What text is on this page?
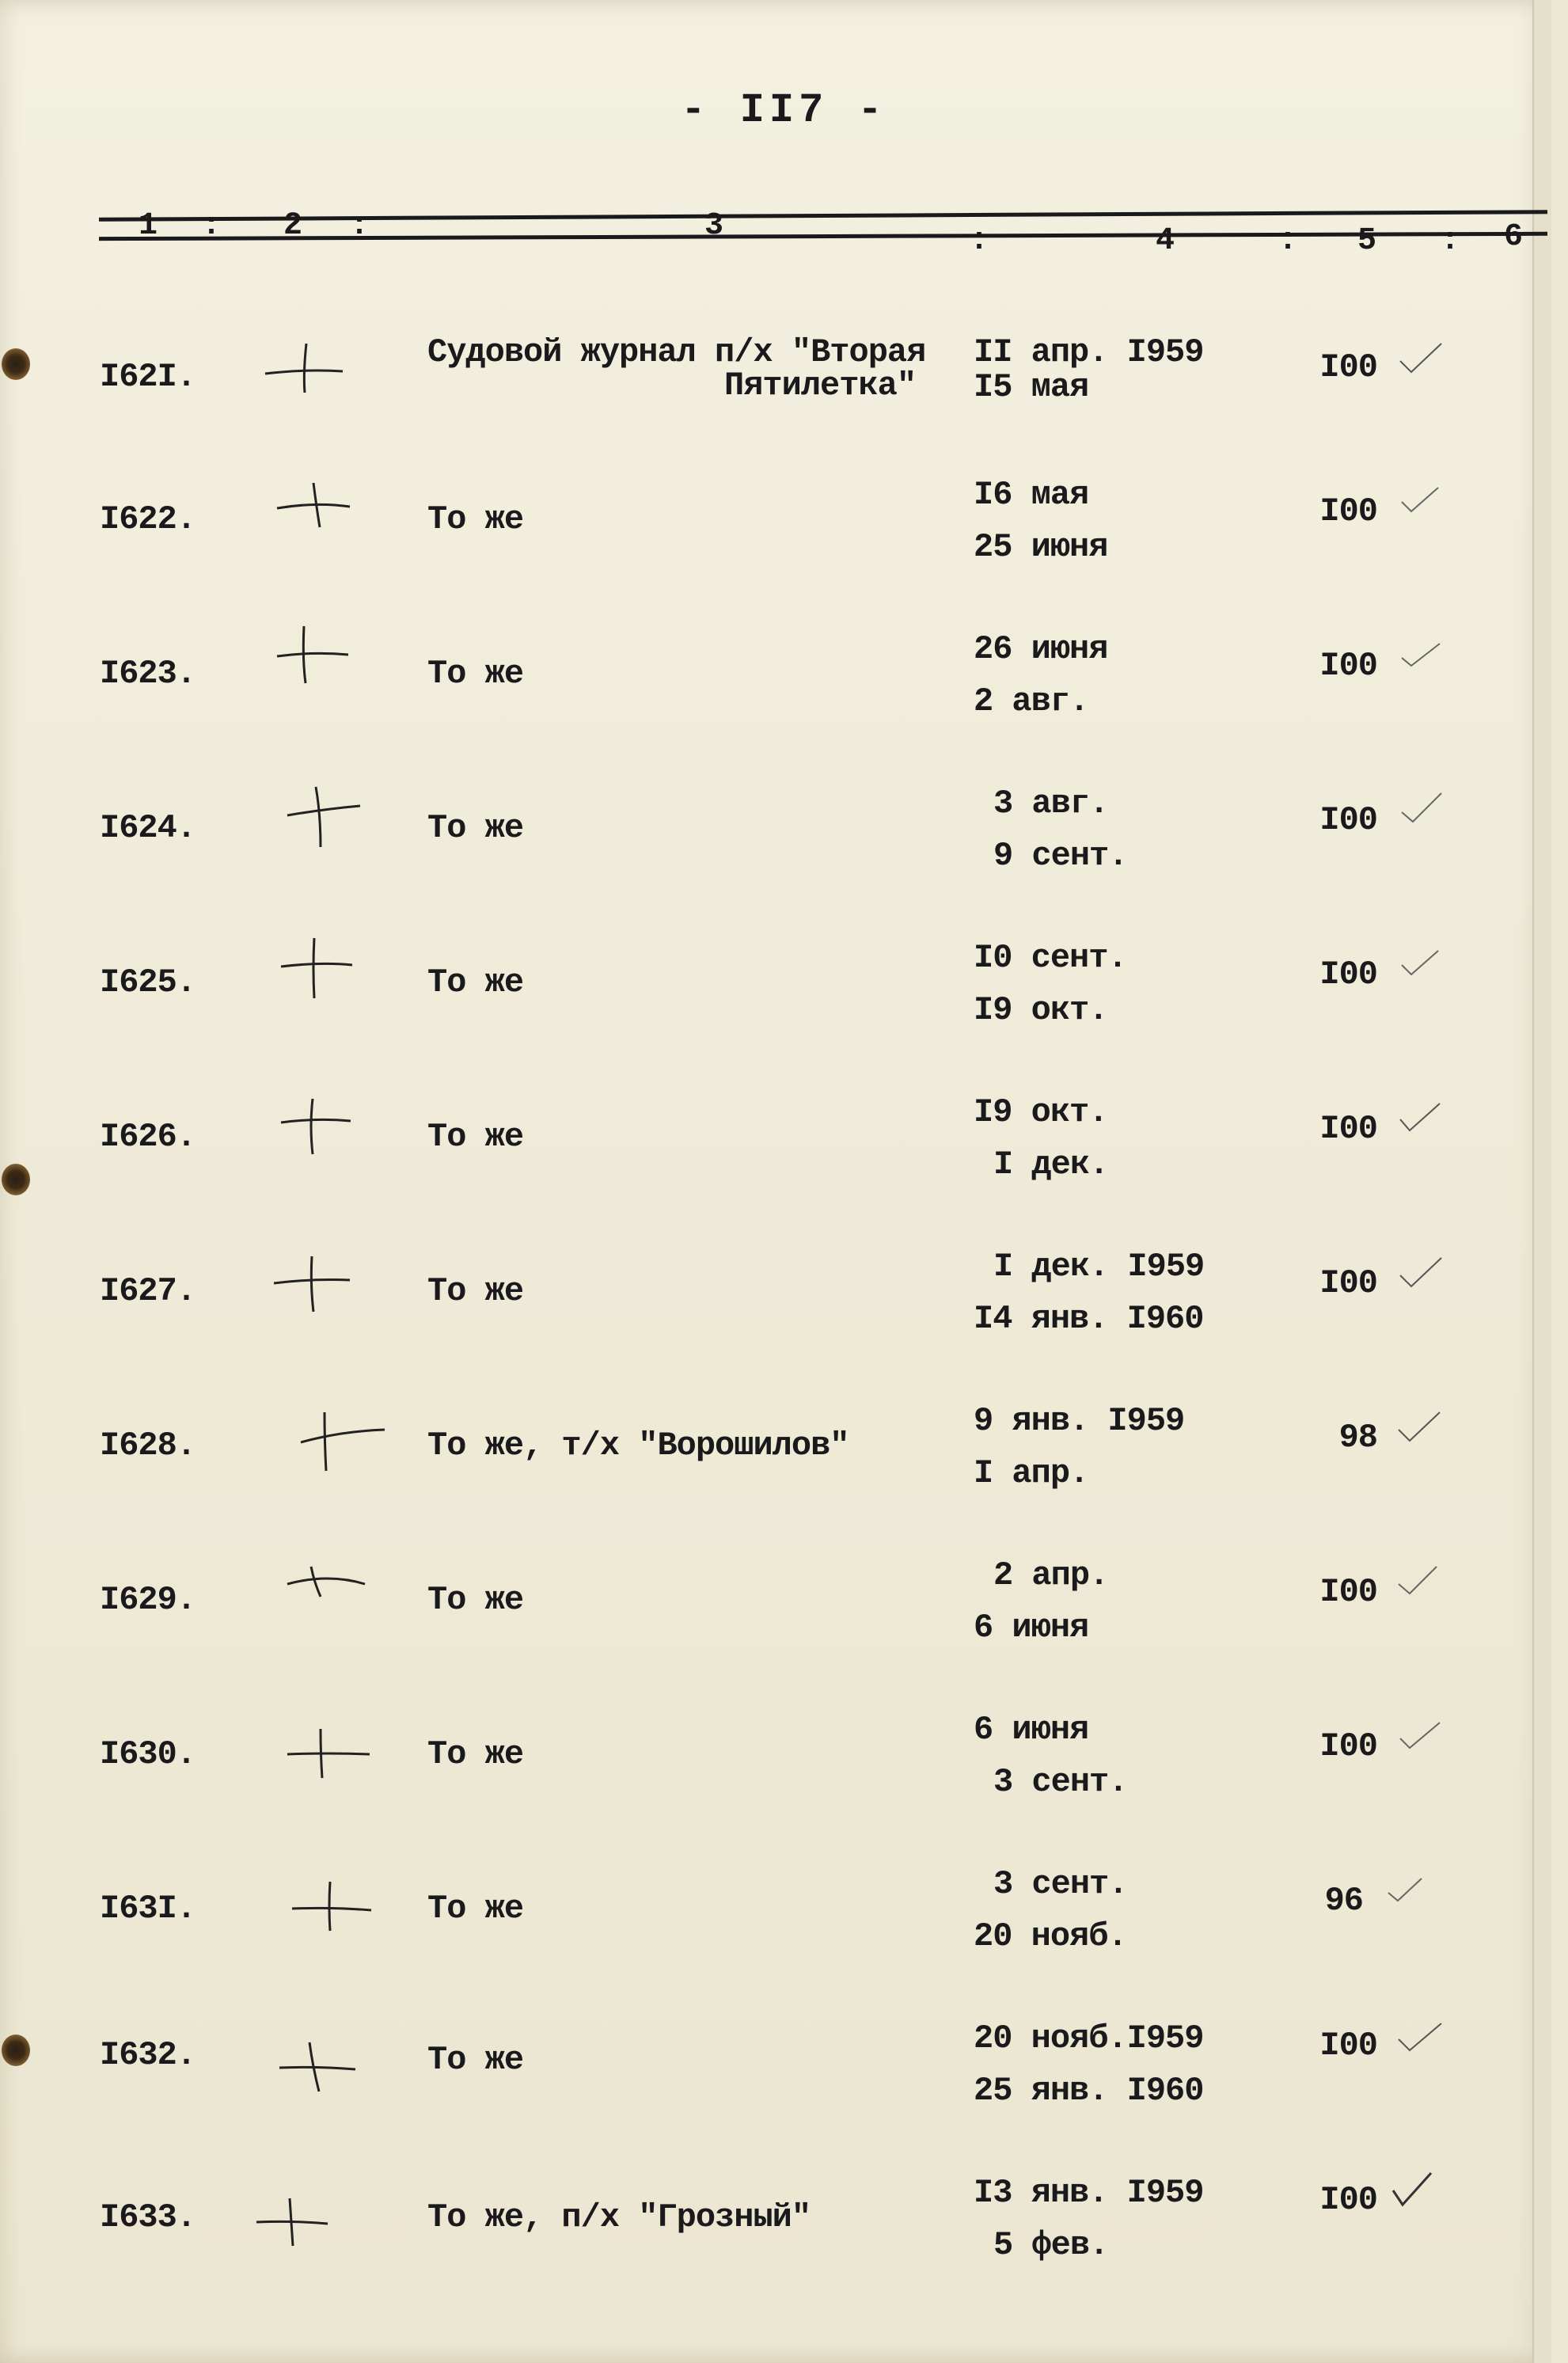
- II7 -
1 : 2 :	3	:	4	: 5 : 6
I62I.
Судовой журнал п/х "Вторая
Пятилетка"
II апр. I959
I5 мая
I00
I622.	То же
I6 мая
25 июня
I00
I623.	То же
26 июня
2 авг.
I00
I624.	То же
3 авг.
9 сент.
I00
I625.	То же
I0 сент.
I9 окт.
I00
I626.	То же
I9 окт.
I дек.
I00
I627.	То же
I дек. I959
I4 янв. I960
I00
I628.	То же, т/х "Ворошилов"
9 янв. I959
I апр.
98
I629.	То же
2 апр.
6 июня
I00
I630.	То же
6 июня
3 сент.
I00
I63I.	То же
3 сент.
20 нояб.
96
I632.	То же
20 нояб.I959
25 янв. I960
I00
I633.	То же, п/х "Грозный"
I3 янв. I959
5 фев.
I00
